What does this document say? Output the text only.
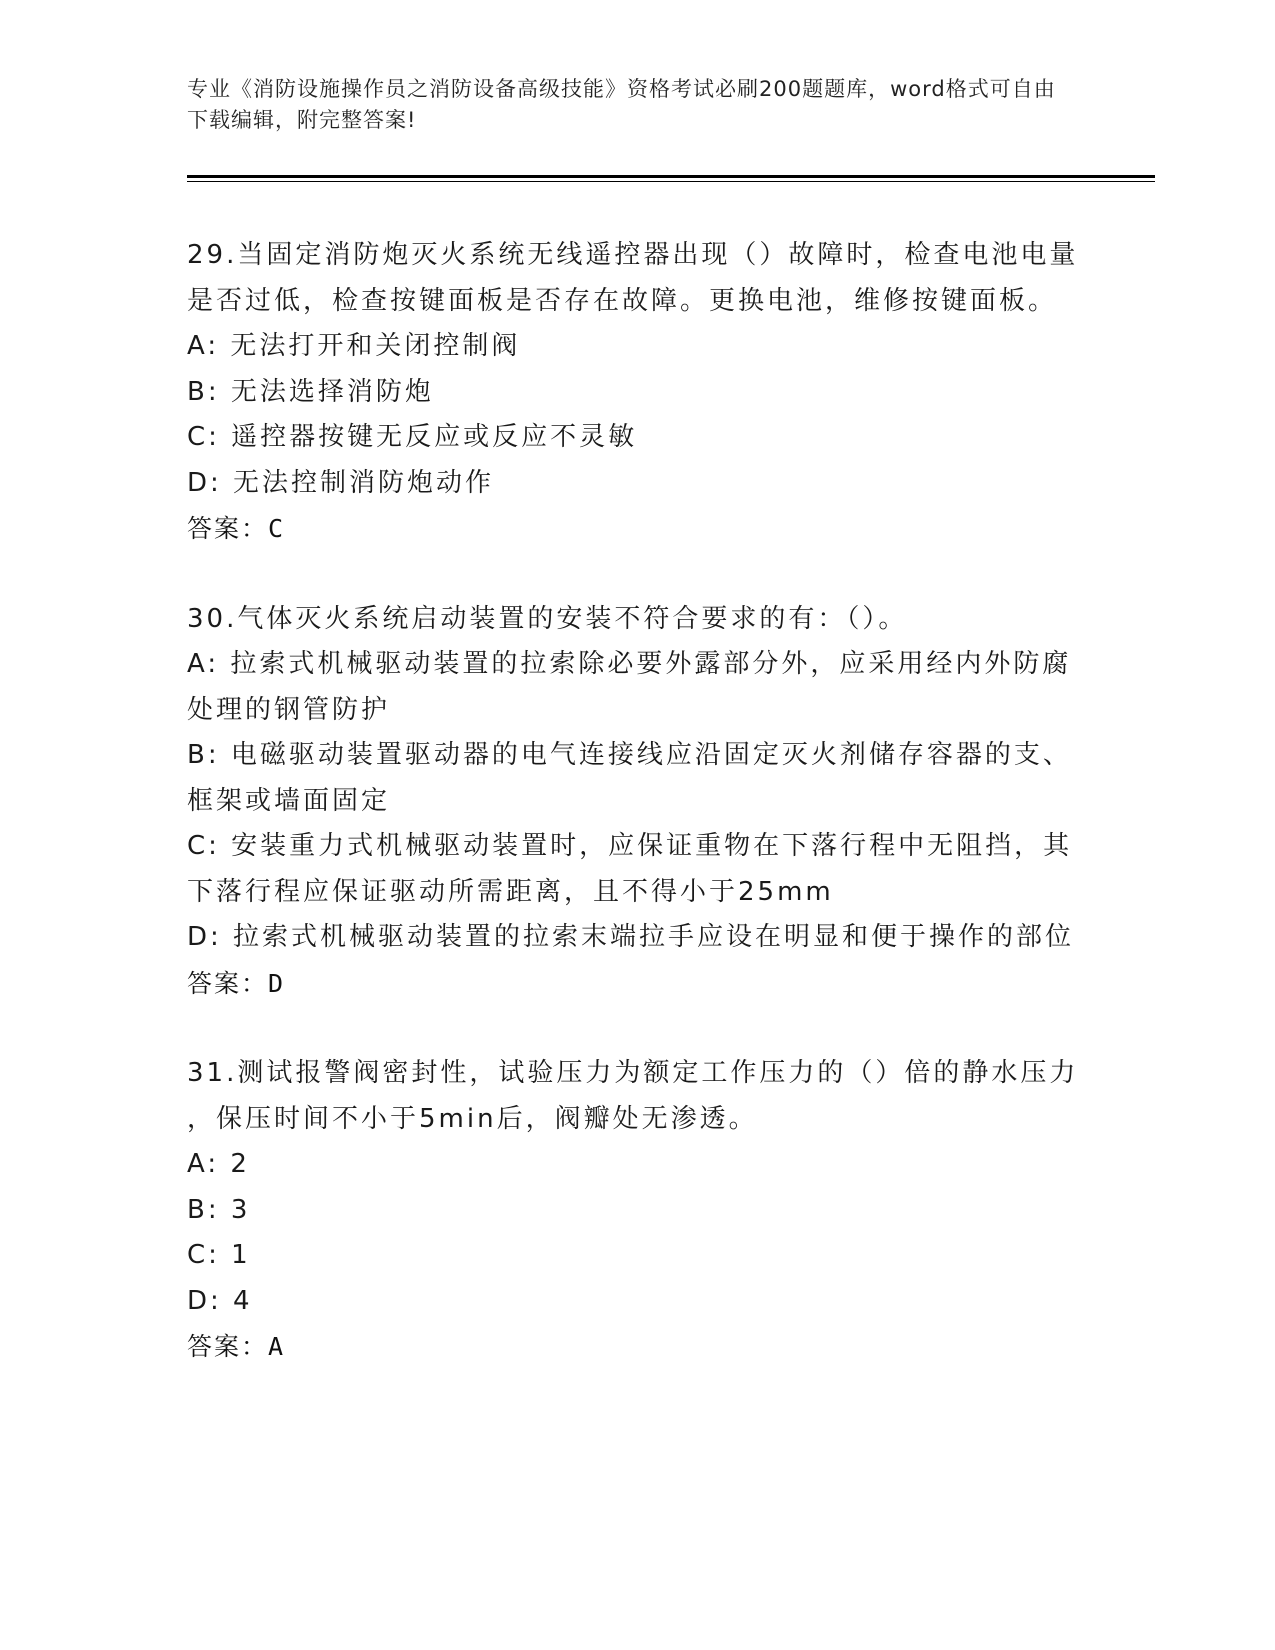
专业《消防设施操作员之消防设备高级技能》资格考试必刷200题题库，word格式可自由下载编辑，附完整答案!

29.当固定消防炮灭火系统无线遥控器出现（）故障时，检查电池电量

是否过低，检查按键面板是否存在故障。更换电池，维修按键面板。

A: 无法打开和关闭控制阀

B: 无法选择消防炮

C: 遥控器按键无反应或反应不灵敏

D: 无法控制消防炮动作

答案：C

30.气体灭火系统启动装置的安装不符合要求的有：（）。

A: 拉索式机械驱动装置的拉索除必要外露部分外，应采用经内外防腐

处理的钢管防护

B: 电磁驱动装置驱动器的电气连接线应沿固定灭火剂储存容器的支、

框架或墙面固定

C: 安装重力式机械驱动装置时，应保证重物在下落行程中无阻挡，其

下落行程应保证驱动所需距离，且不得小于25mm

D: 拉索式机械驱动装置的拉索末端拉手应设在明显和便于操作的部位

答案：D

31.测试报警阀密封性，试验压力为额定工作压力的（）倍的静水压力

，保压时间不小于5min后，阀瓣处无渗透。

A: 2

B: 3

C: 1

D: 4

答案：A
